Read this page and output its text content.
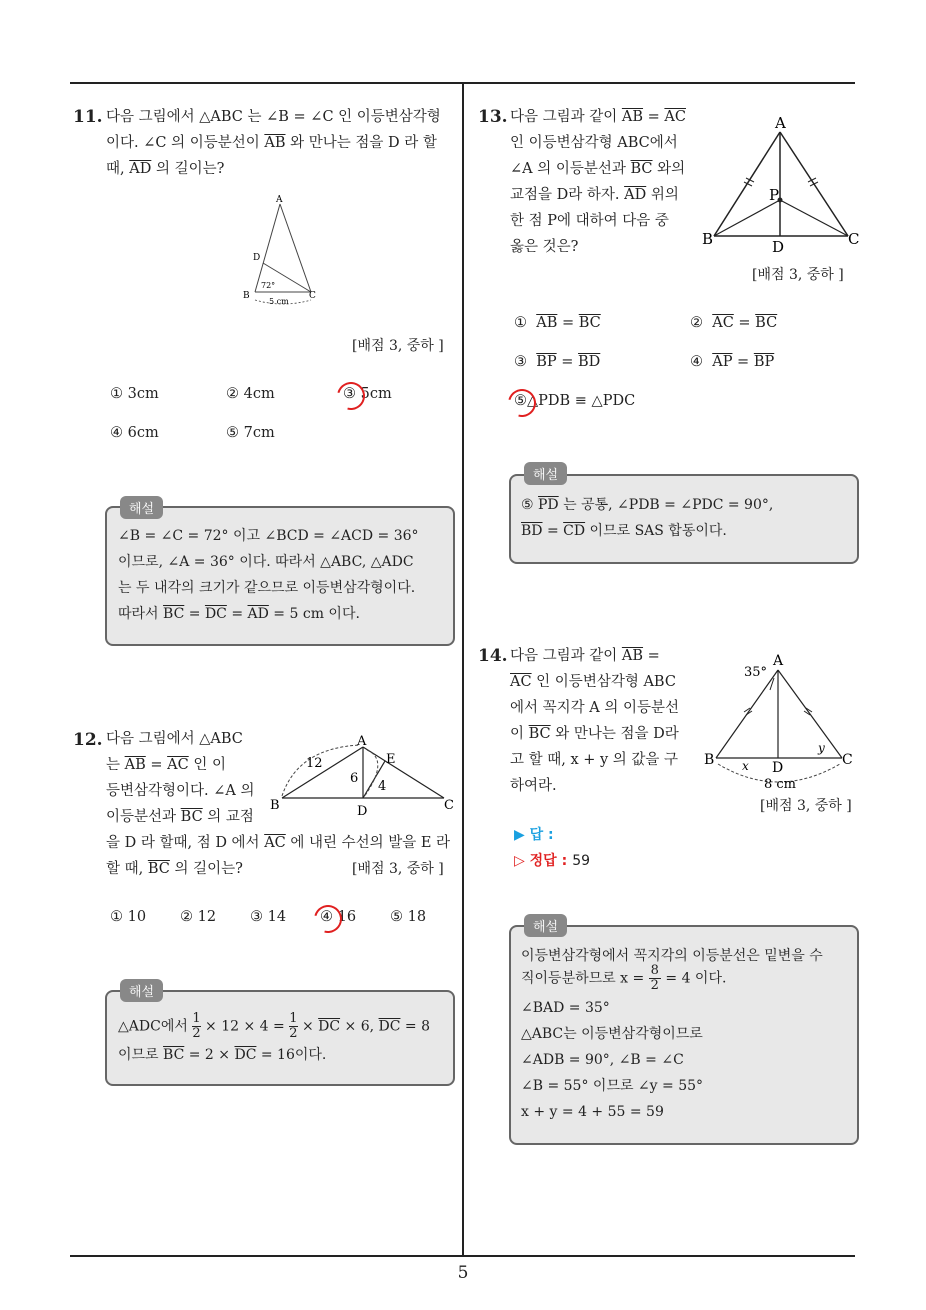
5
11. 다음 그림에서 △ABC 는 ∠B = ∠C 인 이등변삼각형
이다. ∠C 의 이등분선이 $\overline{AB}$ 와 만나는 점을 D 라 할
때, $\overline{AD}$ 의 길이는?
A
D
B	C
72°
5 cm
[배점 3, 중하 ]
① 3cm	② 4cm	③ 5cm
④ 6cm	⑤ 7cm
해설
∠B = ∠C = 72° 이고 ∠BCD = ∠ACD = 36°
이므로, ∠A = 36° 이다. 따라서 △ABC, △ADC
는 두 내각의 크기가 같으므로 이등변삼각형이다.
따라서 $\overline{BC} = \overline{DC} = \overline{AD} = 5$ cm 이다.
12. 다음 그림에서 △ABC
는 $\overline{AB} = \overline{AC}$ 인 이
등변삼각형이다. ∠A 의
이등분선과 $\overline{BC}$ 의 교점
을 D 라 할때, 점 D 에서 $\overline{AC}$ 에 내린 수선의 발을 E 라
할 때, $\overline{BC}$ 의 길이는?	[배점 3, 중하 ]
A
E
B	C
D
12
6
4
① 10 ② 12 ③ 14 ④ 16 ⑤ 18
해설
△ADC에서 $\frac{1}{2} \times 12 \times 4 = \frac{1}{2} \times \overline{DC} \times 6$, $\overline{DC} = 8$
이므로 $\overline{BC} = 2 \times \overline{DC} = 16$이다.
13. 다음 그림과 같이 $\overline{AB} = \overline{AC}$
인 이등변삼각형 ABC에서
∠A 의 이등분선과 $\overline{BC}$ 와의
교점을 D라 하자. $\overline{AD}$ 위의
한 점 P에 대하여 다음 중
옳은 것은?
A
P
B	C
D
[배점 3, 중하 ]
① $\overline{AB} = \overline{BC}$	② $\overline{AC} = \overline{BC}$
③ $\overline{BP} = \overline{BD}$	④ $\overline{AP} = \overline{BP}$
⑤△PDB ≡ △PDC
해설
⑤ $\overline{PD}$ 는 공통, ∠PDB = ∠PDC = 90°,
$\overline{BD} = \overline{CD}$ 이므로 SAS 합동이다.
14. 다음 그림과 같이 $\overline{AB}$ =
$\overline{AC}$ 인 이등변삼각형 ABC
에서 꼭지각 A 의 이등분선
이 $\overline{BC}$ 와 만나는 점을 D라
고 할 때, x + y 의 값을 구
하여라.
A
35°
B	C
D
x
y
8 cm
[배점 3, 중하 ]
▶ 답 :
▷ 정답 : 59
해설
이등변삼각형에서 꼭지각의 이등분선은 밑변을 수
직이등분하므로 $x = \frac{8}{2} = 4$ 이다.
∠BAD = 35°
△ABC는 이등변삼각형이므로
∠ADB = 90°, ∠B = ∠C
∠B = 55° 이므로 ∠y = 55°
x + y = 4 + 55 = 59
